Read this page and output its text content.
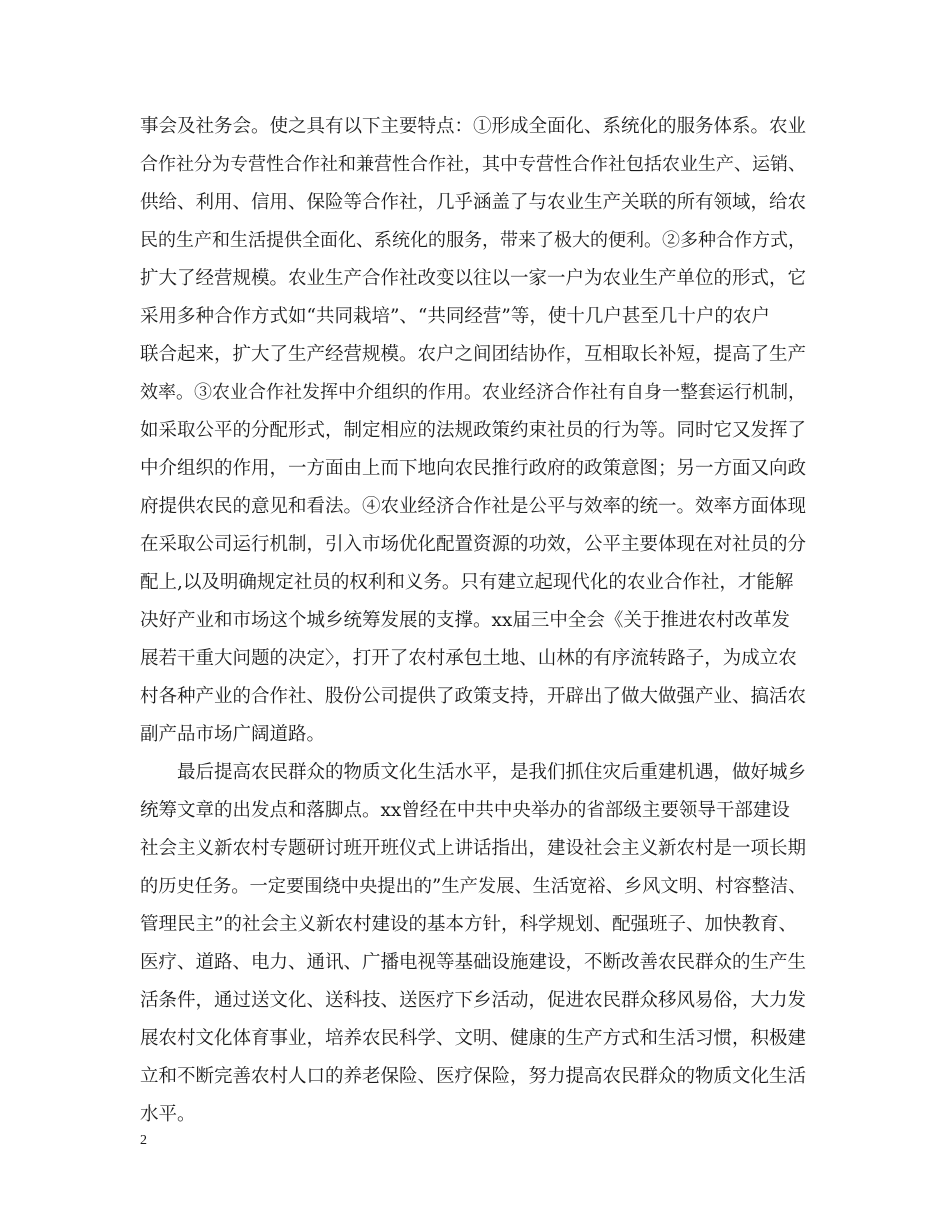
事会及社务会。使之具有以下主要特点：①形成全面化、系统化的服务体系。农业
合作社分为专营性合作社和兼营性合作社，其中专营性合作社包括农业生产、运销、
供给、利用、信用、保险等合作社，几乎涵盖了与农业生产关联的所有领域，给农
民的生产和生活提供全面化、系统化的服务，带来了极大的便利。②多种合作方式，
扩大了经营规模。农业生产合作社改变以往以一家一户为农业生产单位的形式，它
采用多种合作方式如“共同栽培”、“共同经营”等，使十几户甚至几十户的农户
联合起来，扩大了生产经营规模。农户之间团结协作，互相取长补短，提高了生产
效率。③农业合作社发挥中介组织的作用。农业经济合作社有自身一整套运行机制，
如采取公平的分配形式，制定相应的法规政策约束社员的行为等。同时它又发挥了
中介组织的作用，一方面由上而下地向农民推行政府的政策意图；另一方面又向政
府提供农民的意见和看法。④农业经济合作社是公平与效率的统一。效率方面体现
在采取公司运行机制，引入市场优化配置资源的功效，公平主要体现在对社员的分
配上,以及明确规定社员的权利和义务。只有建立起现代化的农业合作社，才能解
决好产业和市场这个城乡统筹发展的支撑。xx届三中全会《关于推进农村改革发
展若干重大问题的决定〉，打开了农村承包土地、山林的有序流转路子，为成立农
村各种产业的合作社、股份公司提供了政策支持，开辟出了做大做强产业、搞活农
副产品市场广阔道路。
最后提高农民群众的物质文化生活水平，是我们抓住灾后重建机遇，做好城乡
统筹文章的出发点和落脚点。xx曾经在中共中央举办的省部级主要领导干部建设
社会主义新农村专题研讨班开班仪式上讲话指出，建设社会主义新农村是一项长期
的历史任务。一定要围绕中央提出的”生产发展、生活宽裕、乡风文明、村容整洁、
管理民主”的社会主义新农村建设的基本方针，科学规划、配强班子、加快教育、
医疗、道路、电力、通讯、广播电视等基础设施建设，不断改善农民群众的生产生
活条件，通过送文化、送科技、送医疗下乡活动，促进农民群众移风易俗，大力发
展农村文化体育事业，培养农民科学、文明、健康的生产方式和生活习惯，积极建
立和不断完善农村人口的养老保险、医疗保险，努力提高农民群众的物质文化生活
水平。
2
